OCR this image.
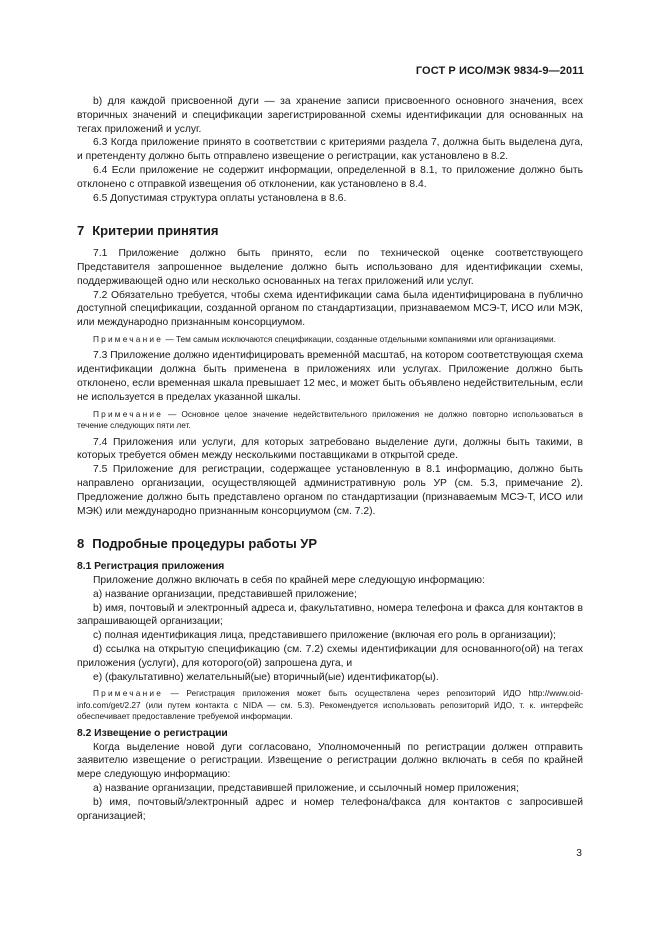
ГОСТ Р ИСО/МЭК 9834-9—2011

b) для каждой присвоенной дуги — за хранение записи присвоенного основного значения, всех вторичных значений и спецификации зарегистрированной схемы идентификации для основанных на тегах приложений и услуг.

6.3 Когда приложение принято в соответствии с критериями раздела 7, должна быть выделена дуга, и претенденту должно быть отправлено извещение о регистрации, как установлено в 8.2.

6.4 Если приложение не содержит информации, определенной в 8.1, то приложение должно быть отклонено с отправкой извещения об отклонении, как установлено в 8.4.

6.5 Допустимая структура оплаты установлена в 8.6.

7 Критерии принятия

7.1 Приложение должно быть принято, если по технической оценке соответствующего Представителя запрошенное выделение должно быть использовано для идентификации схемы, поддерживающей одно или несколько основанных на тегах приложений или услуг.

7.2 Обязательно требуется, чтобы схема идентификации сама была идентифицирована в публично доступной спецификации, созданной органом по стандартизации, признаваемом МСЭ-Т, ИСО или МЭК, или международно признанным консорциумом.

Примечание — Тем самым исключаются спецификации, созданные отдельными компаниями или организациями.

7.3 Приложение должно идентифицировать временнóй масштаб, на котором соответствующая схема идентификации должна быть применена в приложениях или услугах. Приложение должно быть отклонено, если временная шкала превышает 12 мес, и может быть объявлено недействительным, если не используется в пределах указанной шкалы.

Примечание — Основное целое значение недействительного приложения не должно повторно использоваться в течение следующих пяти лет.

7.4 Приложения или услуги, для которых затребовано выделение дуги, должны быть такими, в которых требуется обмен между несколькими поставщиками в открытой среде.

7.5 Приложение для регистрации, содержащее установленную в 8.1 информацию, должно быть направлено организации, осуществляющей административную роль УР (см. 5.3, примечание 2). Предложение должно быть представлено органом по стандартизации (признаваемым МСЭ-Т, ИСО или МЭК) или международно признанным консорциумом (см. 7.2).

8 Подробные процедуры работы УР
8.1 Регистрация приложения

Приложение должно включать в себя по крайней мере следующую информацию:

a) название организации, представившей приложение;

b) имя, почтовый и электронный адреса и, факультативно, номера телефона и факса для контактов в запрашивающей организации;

c) полная идентификация лица, представившего приложение (включая его роль в организации);

d) ссылка на открытую спецификацию (см. 7.2) схемы идентификации для основанного(ой) на тегах приложения (услуги), для которого(ой) запрошена дуга, и

e) (факультативно) желательный(ые) вторичный(ые) идентификатор(ы).

Примечание — Регистрация приложения может быть осуществлена через репозиторий ИДО http://www.oid-info.com/get/2.27 (или путем контакта с NIDA — см. 5.3). Рекомендуется использовать репозиторий ИДО, т. к. интерфейс обеспечивает предоставление требуемой информации.

8.2 Извещение о регистрации

Когда выделение новой дуги согласовано, Уполномоченный по регистрации должен отправить заявителю извещение о регистрации. Извещение о регистрации должно включать в себя по крайней мере следующую информацию:

a) название организации, представившей приложение, и ссылочный номер приложения;

b) имя, почтовый/электронный адрес и номер телефона/факса для контактов с запросившей организацией;

3
